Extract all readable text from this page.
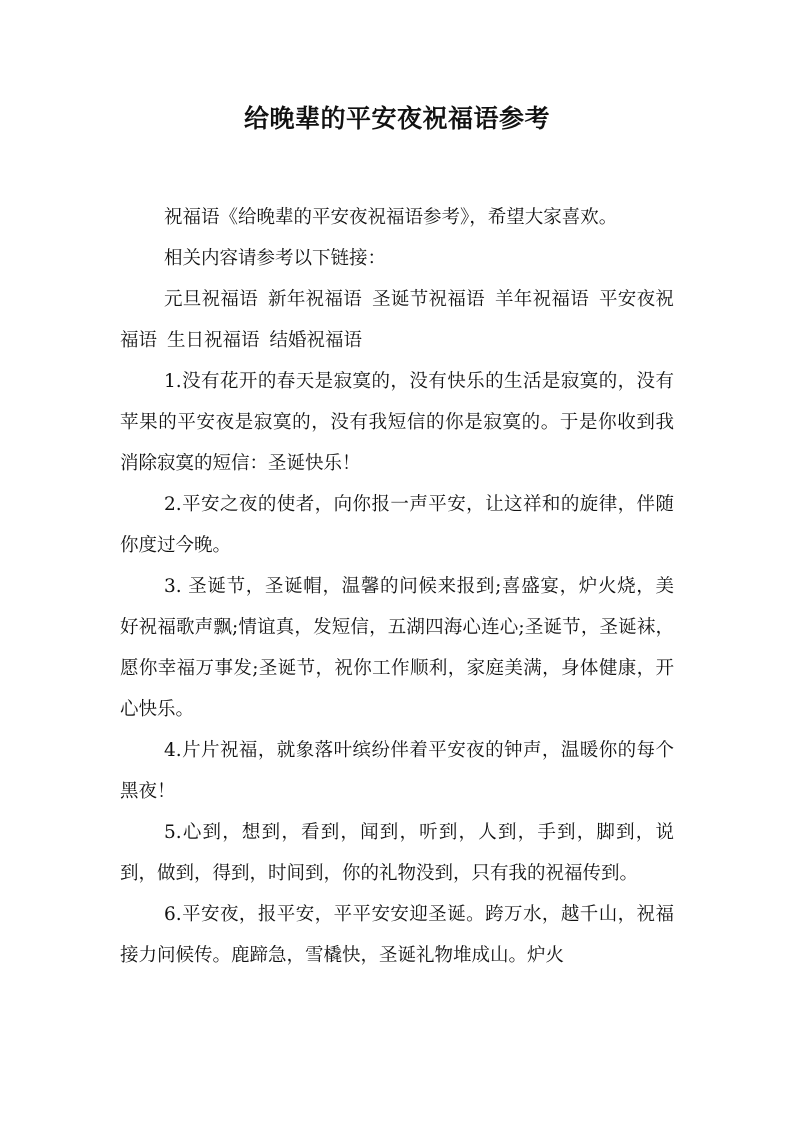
给晚辈的平安夜祝福语参考

祝福语《给晚辈的平安夜祝福语参考》，希望大家喜欢。

相关内容请参考以下链接：

元旦祝福语 新年祝福语 圣诞节祝福语 羊年祝福语 平安夜祝福语 生日祝福语 结婚祝福语

1.没有花开的春天是寂寞的，没有快乐的生活是寂寞的，没有苹果的平安夜是寂寞的，没有我短信的你是寂寞的。于是你收到我消除寂寞的短信：圣诞快乐！

2.平安之夜的使者，向你报一声平安，让这祥和的旋律，伴随你度过今晚。

3. 圣诞节，圣诞帽，温馨的问候来报到;喜盛宴，炉火烧，美好祝福歌声飘;情谊真，发短信，五湖四海心连心;圣诞节，圣诞袜，愿你幸福万事发;圣诞节，祝你工作顺利，家庭美满，身体健康，开心快乐。

4.片片祝福，就象落叶缤纷伴着平安夜的钟声，温暖你的每个黑夜！

5.心到，想到，看到，闻到，听到，人到，手到，脚到，说到，做到，得到，时间到，你的礼物没到，只有我的祝福传到。

6.平安夜，报平安，平平安安迎圣诞。跨万水，越千山，祝福接力问候传。鹿蹄急，雪橇快，圣诞礼物堆成山。炉火
